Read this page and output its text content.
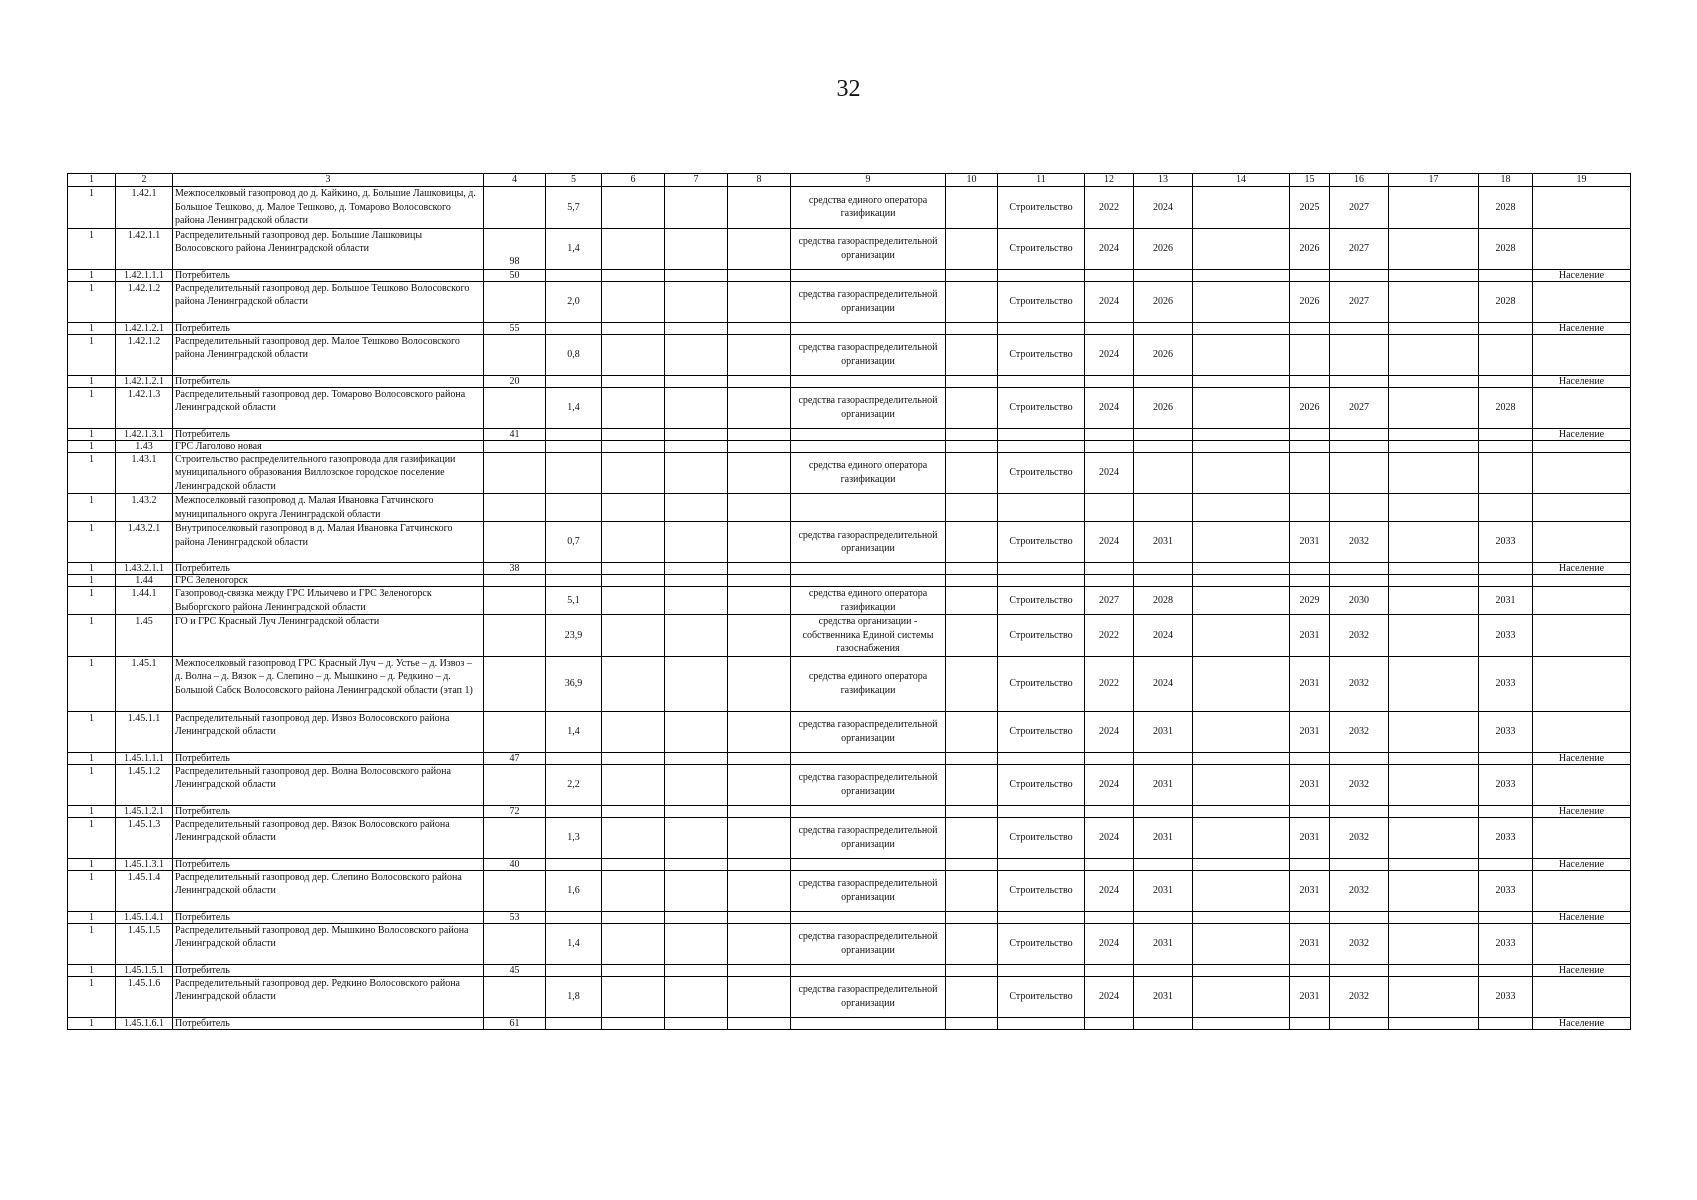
32
1	2	3	4	5	6	7	8	9	10	11	12	13	14	15	16	17	18	19
1	1.42.1	Межпоселковый газопровод до д. Кайкино, д. Большие Лашковицы, д. Большое Тешково, д. Малое Тешково, д. Томарово Волосовского района Ленинградской области		5,7				средства единого оператора газификации		Строительство	2022	2024		2025	2027		2028	
1	1.42.1.1	Распределительный газопровод дер. Большие Лашковицы Волосовского района Ленинградской области	98	1,4				средства газораспределительной организации		Строительство	2024	2026		2026	2027		2028	
1	1.42.1.1.1	Потребитель	50															Население
1	1.42.1.2	Распределительный газопровод дер. Большое Тешково Волосовского района Ленинградской области		2,0				средства газораспределительной организации		Строительство	2024	2026		2026	2027		2028	
1	1.42.1.2.1	Потребитель	55															Население
1	1.42.1.2	Распределительный газопровод дер. Малое Тешково Волосовского района Ленинградской области		0,8				средства газораспределительной организации		Строительство	2024	2026						
1	1.42.1.2.1	Потребитель	20															Население
1	1.42.1.3	Распределительный газопровод дер. Томарово Волосовского района Ленинградской области		1,4				средства газораспределительной организации		Строительство	2024	2026		2026	2027		2028	
1	1.42.1.3.1	Потребитель	41															Население
1	1.43	ГРС Лаголово новая																
1	1.43.1	Строительство распределительного газопровода для газификации муниципального образования Виллозское городское поселение Ленинградской области						средства единого оператора газификации		Строительство	2024							
1	1.43.2	Межпоселковый газопровод д. Малая Ивановка Гатчинского муниципального округа Ленинградской области																
1	1.43.2.1	Внутрипоселковый газопровод в д. Малая Ивановка Гатчинского района Ленинградской области		0,7				средства газораспределительной организации		Строительство	2024	2031		2031	2032		2033	
1	1.43.2.1.1	Потребитель	38															Население
1	1.44	ГРС Зеленогорск																
1	1.44.1	Газопровод-связка между ГРС Ильичево и ГРС Зеленогорск Выборгского района Ленинградской области		5,1				средства единого оператора газификации		Строительство	2027	2028		2029	2030		2031	
1	1.45	ГО и ГРС Красный Луч Ленинградской области		23,9				средства организации - собственника Единой системы газоснабжения		Строительство	2022	2024		2031	2032		2033	
1	1.45.1	Межпоселковый газопровод ГРС Красный Луч – д. Устье – д. Извоз – д. Волна – д. Вязок – д. Слепино – д. Мышкино – д. Редкино – д. Большой Сабск Волосовского района Ленинградской области (этап 1)		36,9				средства единого оператора газификации		Строительство	2022	2024		2031	2032		2033	
1	1.45.1.1	Распределительный газопровод дер. Извоз Волосовского района Ленинградской области		1,4				средства газораспределительной организации		Строительство	2024	2031		2031	2032		2033	
1	1.45.1.1.1	Потребитель	47															Население
1	1.45.1.2	Распределительный газопровод дер. Волна Волосовского района Ленинградской области		2,2				средства газораспределительной организации		Строительство	2024	2031		2031	2032		2033	
1	1.45.1.2.1	Потребитель	72															Население
1	1.45.1.3	Распределительный газопровод дер. Вязок Волосовского района Ленинградской области		1,3				средства газораспределительной организации		Строительство	2024	2031		2031	2032		2033	
1	1.45.1.3.1	Потребитель	40															Население
1	1.45.1.4	Распределительный газопровод дер. Слепино Волосовского района Ленинградской области		1,6				средства газораспределительной организации		Строительство	2024	2031		2031	2032		2033	
1	1.45.1.4.1	Потребитель	53															Население
1	1.45.1.5	Распределительный газопровод дер. Мышкино Волосовского района Ленинградской области		1,4				средства газораспределительной организации		Строительство	2024	2031		2031	2032		2033	
1	1.45.1.5.1	Потребитель	45															Население
1	1.45.1.6	Распределительный газопровод дер. Редкино Волосовского района Ленинградской области		1,8				средства газораспределительной организации		Строительство	2024	2031		2031	2032		2033	
1	1.45.1.6.1	Потребитель	61															Население
